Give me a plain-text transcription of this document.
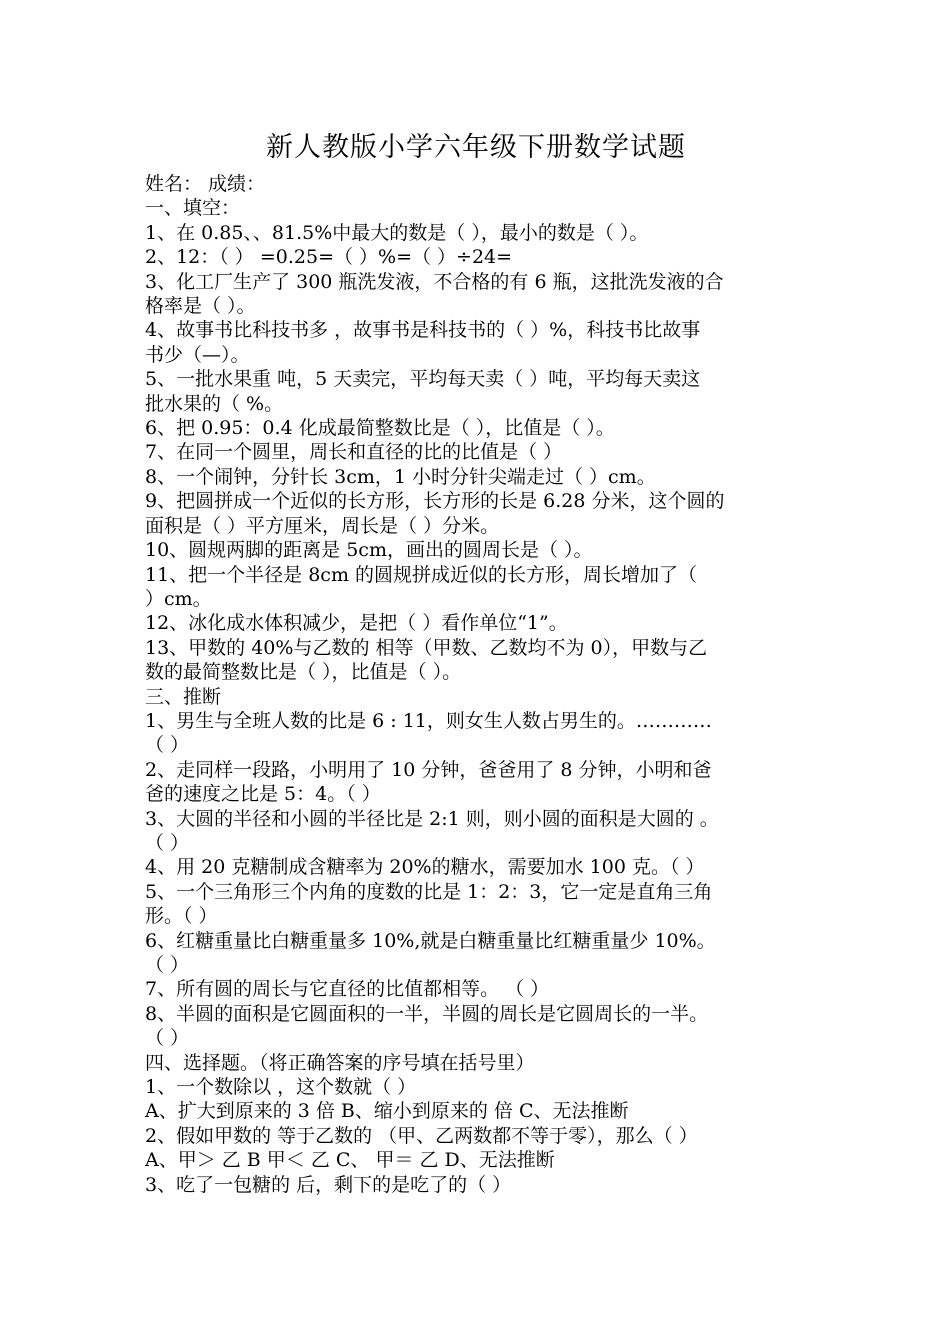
新人教版小学六年级下册数学试题

姓名： 成绩：

一、填空：

1、在 0.85、、81.5%中最大的数是（ ），最小的数是（ ）。

2、12：（ ） =0.25=（ ）%=（ ）÷24=

3、化工厂生产了 300 瓶洗发液，不合格的有 6 瓶，这批洗发液的合

格率是（ ）。

4、故事书比科技书多 ，故事书是科技书的（ ）%，科技书比故事

书少（—）。

5、一批水果重 吨，5 天卖完，平均每天卖（ ）吨，平均每天卖这

批水果的（ %。

6、把 0.95：0.4 化成最简整数比是（ ），比值是（ ）。

7、在同一个圆里，周长和直径的比的比值是（ ）

8、一个闹钟，分针长 3cm，1 小时分针尖端走过（ ）cm。

9、把圆拼成一个近似的长方形，长方形的长是 6.28 分米，这个圆的

面积是（ ）平方厘米，周长是（ ）分米。

10、圆规两脚的距离是 5cm，画出的圆周长是（ ）。

11、把一个半径是 8cm 的圆规拼成近似的长方形，周长增加了（

）cm。

12、冰化成水体积减少，是把（ ）看作单位“1”。

13、甲数的 40%与乙数的 相等（甲数、乙数均不为 0），甲数与乙

数的最简整数比是（ ），比值是（ ）。

三、推断

1、男生与全班人数的比是 6 : 11，则女生人数占男生的。…………

（ ）

2、走同样一段路，小明用了 10 分钟，爸爸用了 8 分钟，小明和爸

爸的速度之比是 5：4。（ ）

3、大圆的半径和小圆的半径比是 2:1 则，则小圆的面积是大圆的 。

（ ）

4、用 20 克糖制成含糖率为 20%的糖水，需要加水 100 克。（ ）

5、一个三角形三个内角的度数的比是 1：2：3，它一定是直角三角

形。（ ）

6、红糖重量比白糖重量多 10%,就是白糖重量比红糖重量少 10%。

（ ）

7、所有圆的周长与它直径的比值都相等。 （ ）

8、半圆的面积是它圆面积的一半，半圆的周长是它圆周长的一半。

（ ）

四、选择题。（将正确答案的序号填在括号里）

1、一个数除以 ，这个数就（ ）

A、扩大到原来的 3 倍 B、缩小到原来的 倍 C、无法推断

2、假如甲数的 等于乙数的 （甲、乙两数都不等于零），那么（ ）

A、甲＞ 乙 B 甲＜ 乙 C、 甲＝ 乙 D、无法推断

3、吃了一包糖的 后，剩下的是吃了的（ ）
